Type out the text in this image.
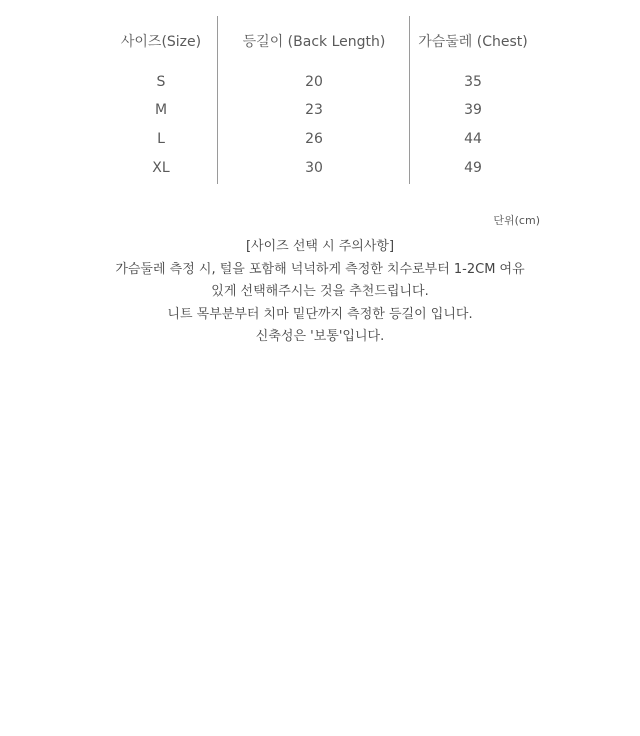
사이즈(Size)
S
M
L
XL
등길이 (Back Length)
20
23
26
30
가슴둘레 (Chest)
35
39
44
49
단위(cm)
[사이즈 선택 시 주의사항]
가슴둘레 측정 시, 털을 포함해 넉넉하게 측정한 치수로부터 1-2CM 여유
있게 선택해주시는 것을 추천드립니다.
니트 목부분부터 치마 밑단까지 측정한 등길이 입니다.
신축성은 '보통'입니다.
